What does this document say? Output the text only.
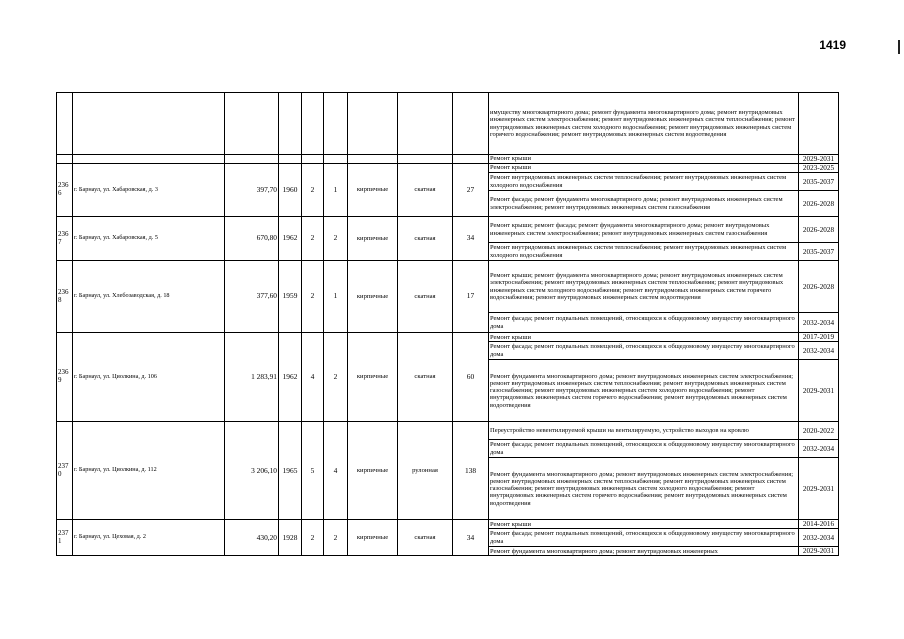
1419
									имуществу многоквартирного дома; ремонт фундамента многоквартирного дома; ремонт внутридомовых инженерных систем электроснабжения; ремонт внутридомовых инженерных систем теплоснабжения; ремонт внутридомовых инженерных систем холодного водоснабжения; ремонт внутридомовых инженерных систем горячего водоснабжения; ремонт внутридомовых инженерных систем водоотведения	
									Ремонт крыши	2029-2031
2366	г. Барнаул, ул. Хабаровская, д. 3	397,70	1960	2	1	кирпичные	скатная	27	Ремонт крыши	2023-2025
									Ремонт внутридомовых инженерных систем теплоснабжения; ремонт внутридомовых инженерных систем холодного водоснабжения	2035-2037
									Ремонт фасада; ремонт фундамента многоквартирного дома; ремонт внутридомовых инженерных систем электроснабжения; ремонт внутридомовых инженерных систем газоснабжения	2026-2028
2367	г. Барнаул, ул. Хабаровская, д. 5	670,80	1962	2	2	кирпичные	скатная	34	Ремонт крыши; ремонт фасада; ремонт фундамента многоквартирного дома; ремонт внутридомовых инженерных систем электроснабжения; ремонт внутридомовых инженерных систем газоснабжения	2026-2028
									Ремонт внутридомовых инженерных систем теплоснабжения; ремонт внутридомовых инженерных систем холодного водоснабжения	2035-2037
2368	г. Барнаул, ул. Хлебозаводская, д. 18	377,60	1959	2	1	кирпичные	скатная	17	Ремонт крыши; ремонт фундамента многоквартирного дома; ремонт внутридомовых инженерных систем электроснабжения; ремонт внутридомовых инженерных систем теплоснабжения; ремонт внутридомовых инженерных систем холодного водоснабжения; ремонт внутридомовых инженерных систем горячего водоснабжения; ремонт внутридомовых инженерных систем водоотведения	2026-2028
									Ремонт фасада; ремонт подвальных помещений, относящихся к общедомовому имуществу многоквартирного дома	2032-2034
2369	г. Барнаул, ул. Циолкина, д. 106	1 283,91	1962	4	2	кирпичные	скатная	60	Ремонт крыши	2017-2019
									Ремонт фасада; ремонт подвальных помещений, относящихся к общедомовому имуществу многоквартирного дома	2032-2034
									Ремонт фундамента многоквартирного дома; ремонт внутридомовых инженерных систем электроснабжения; ремонт внутридомовых инженерных систем теплоснабжения; ремонт внутридомовых инженерных систем газоснабжения; ремонт внутридомовых инженерных систем холодного водоснабжения; ремонт внутридомовых инженерных систем горячего водоснабжения; ремонт внутридомовых инженерных систем водоотведения	2029-2031
2370	г. Барнаул, ул. Циолкина, д. 112	3 206,10	1965	5	4	кирпичные	рулонная	138	Переустройство невентилируемой крыши на вентилируемую, устройство выходов на кровлю	2020-2022
									Ремонт фасада; ремонт подвальных помещений, относящихся к общедомовому имуществу многоквартирного дома	2032-2034
									Ремонт фундамента многоквартирного дома; ремонт внутридомовых инженерных систем электроснабжения; ремонт внутридомовых инженерных систем теплоснабжения; ремонт внутридомовых инженерных систем газоснабжения; ремонт внутридомовых инженерных систем холодного водоснабжения; ремонт внутридомовых инженерных систем горячего водоснабжения; ремонт внутридомовых инженерных систем водоотведения	2029-2031
2371	г. Барнаул, ул. Цеховая, д. 2	430,20	1928	2	2	кирпичные	скатная	34	Ремонт крыши	2014-2016
									Ремонт фасада; ремонт подвальных помещений, относящихся к общедомовому имуществу многоквартирного дома	2032-2034
									Ремонт фундамента многоквартирного дома; ремонт внутридомовых инженерных	2029-2031
